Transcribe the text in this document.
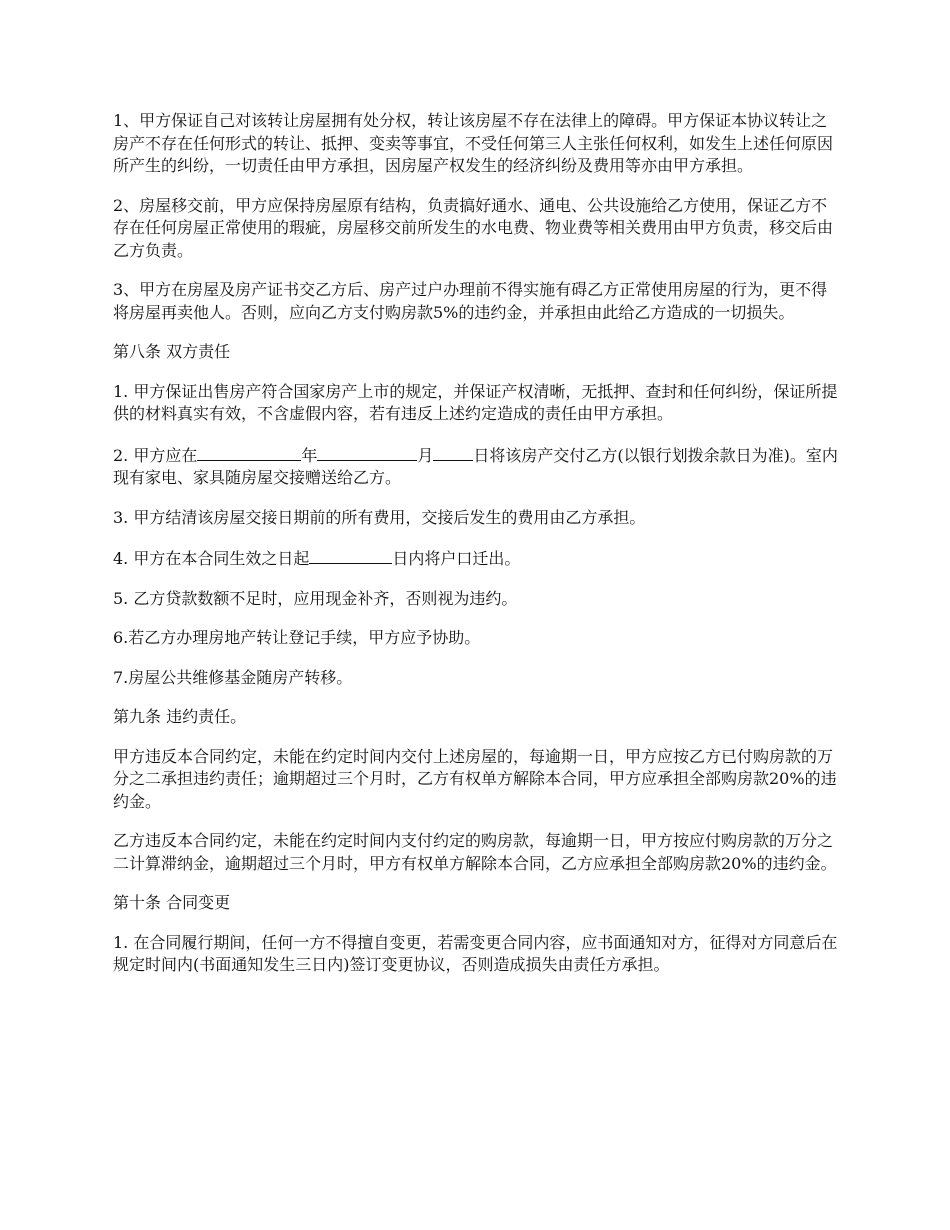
1、甲方保证自己对该转让房屋拥有处分权，转让该房屋不存在法律上的障碍。甲方保证本协议转让之房产不存在任何形式的转让、抵押、变卖等事宜，不受任何第三人主张任何权利，如发生上述任何原因所产生的纠纷，一切责任由甲方承担，因房屋产权发生的经济纠纷及费用等亦由甲方承担。

2、房屋移交前，甲方应保持房屋原有结构，负责搞好通水、通电、公共设施给乙方使用，保证乙方不存在任何房屋正常使用的瑕疵，房屋移交前所发生的水电费、物业费等相关费用由甲方负责，移交后由乙方负责。

3、甲方在房屋及房产证书交乙方后、房产过户办理前不得实施有碍乙方正常使用房屋的行为，更不得将房屋再卖他人。否则，应向乙方支付购房款5%的违约金，并承担由此给乙方造成的一切损失。

第八条 双方责任

1. 甲方保证出售房产符合国家房产上市的规定，并保证产权清晰，无抵押、查封和任何纠纷，保证所提供的材料真实有效，不含虚假内容，若有违反上述约定造成的责任由甲方承担。

2. 甲方应在	年	月	日将该房产交付乙方(以银行划拨余款日为准)。室内现有家电、家具随房屋交接赠送给乙方。

3. 甲方结清该房屋交接日期前的所有费用，交接后发生的费用由乙方承担。

4. 甲方在本合同生效之日起	日内将户口迁出。

5. 乙方贷款数额不足时，应用现金补齐，否则视为违约。

6.若乙方办理房地产转让登记手续，甲方应予协助。

7.房屋公共维修基金随房产转移。

第九条 违约责任。

甲方违反本合同约定，未能在约定时间内交付上述房屋的，每逾期一日，甲方应按乙方已付购房款的万分之二承担违约责任；逾期超过三个月时，乙方有权单方解除本合同，甲方应承担全部购房款20%的违约金。

乙方违反本合同约定，未能在约定时间内支付约定的购房款，每逾期一日，甲方按应付购房款的万分之二计算滞纳金，逾期超过三个月时，甲方有权单方解除本合同，乙方应承担全部购房款20%的违约金。

第十条 合同变更

1. 在合同履行期间，任何一方不得擅自变更，若需变更合同内容，应书面通知对方，征得对方同意后在规定时间内(书面通知发生三日内)签订变更协议，否则造成损失由责任方承担。
